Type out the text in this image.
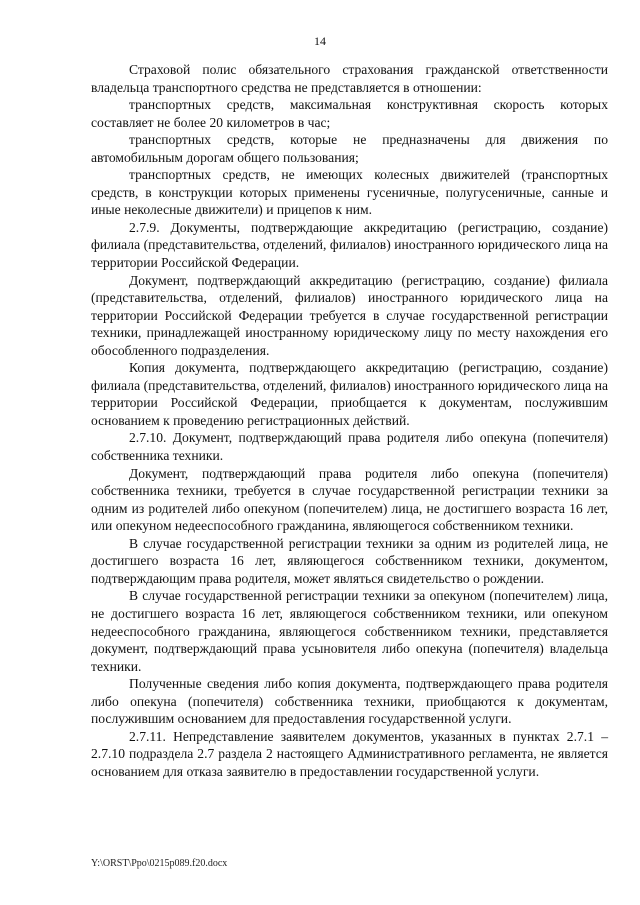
14

Страховой полис обязательного страхования гражданской ответственности владельца транспортного средства не представляется в отношении:

транспортных средств, максимальная конструктивная скорость которых составляет не более 20 километров в час;

транспортных средств, которые не предназначены для движения по автомобильным дорогам общего пользования;

транспортных средств, не имеющих колесных движителей (транспортных средств, в конструкции которых применены гусеничные, полугусеничные, санные и иные неколесные движители) и прицепов к ним.

2.7.9. Документы, подтверждающие аккредитацию (регистрацию, создание) филиала (представительства, отделений, филиалов) иностранного юридического лица на территории Российской Федерации.

Документ, подтверждающий аккредитацию (регистрацию, создание) филиала (представительства, отделений, филиалов) иностранного юридического лица на территории Российской Федерации требуется в случае государственной регистрации техники, принадлежащей иностранному юридическому лицу по месту нахождения его обособленного подразделения.

Копия документа, подтверждающего аккредитацию (регистрацию, создание) филиала (представительства, отделений, филиалов) иностранного юридического лица на территории Российской Федерации, приобщается к документам, послужившим основанием к проведению регистрационных действий.

2.7.10. Документ, подтверждающий права родителя либо опекуна (попечителя) собственника техники.

Документ, подтверждающий права родителя либо опекуна (попечителя) собственника техники, требуется в случае государственной регистрации техники за одним из родителей либо опекуном (попечителем) лица, не достигшего возраста 16 лет, или опекуном недееспособного гражданина, являющегося собственником техники.

В случае государственной регистрации техники за одним из родителей лица, не достигшего возраста 16 лет, являющегося собственником техники, документом, подтверждающим права родителя, может являться свидетельство о рождении.

В случае государственной регистрации техники за опекуном (попечителем) лица, не достигшего возраста 16 лет, являющегося собственником техники, или опекуном недееспособного гражданина, являющегося собственником техники, представляется документ, подтверждающий права усыновителя либо опекуна (попечителя) владельца техники.

Полученные сведения либо копия документа, подтверждающего права родителя либо опекуна (попечителя) собственника техники, приобщаются к документам, послужившим основанием для предоставления государственной услуги.

2.7.11. Непредставление заявителем документов, указанных в пунктах 2.7.1 – 2.7.10 подраздела 2.7 раздела 2 настоящего Административного регламента, не является основанием для отказа заявителю в предоставлении государственной услуги.

Y:\ORST\Ppo\0215p089.f20.docx
